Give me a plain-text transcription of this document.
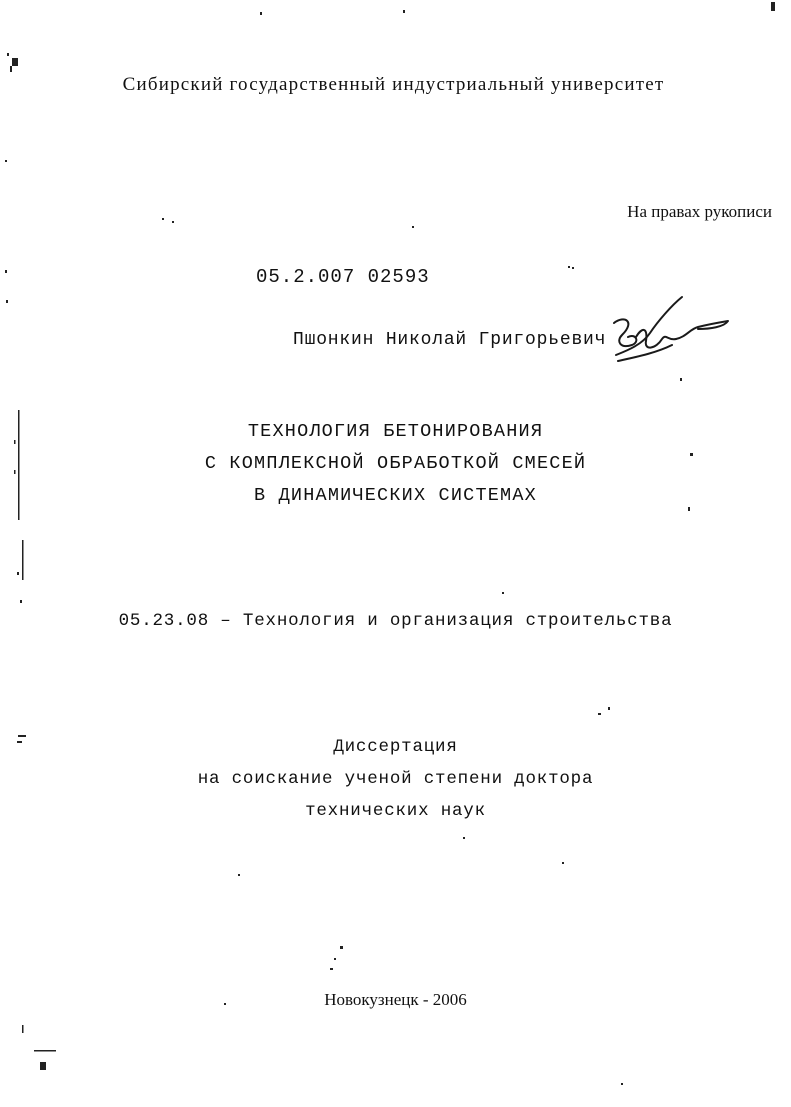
Сибирский государственный индустриальный университет
На правах рукописи
05.2.007 02593
Пшонкин Николай Григорьевич
ТЕХНОЛОГИЯ БЕТОНИРОВАНИЯ
С КОМПЛЕКСНОЙ ОБРАБОТКОЙ СМЕСЕЙ
В ДИНАМИЧЕСКИХ СИСТЕМАХ
05.23.08 – Технология и организация строительства
Диссертация
на соискание ученой степени доктора
технических наук
Новокузнецк - 2006
